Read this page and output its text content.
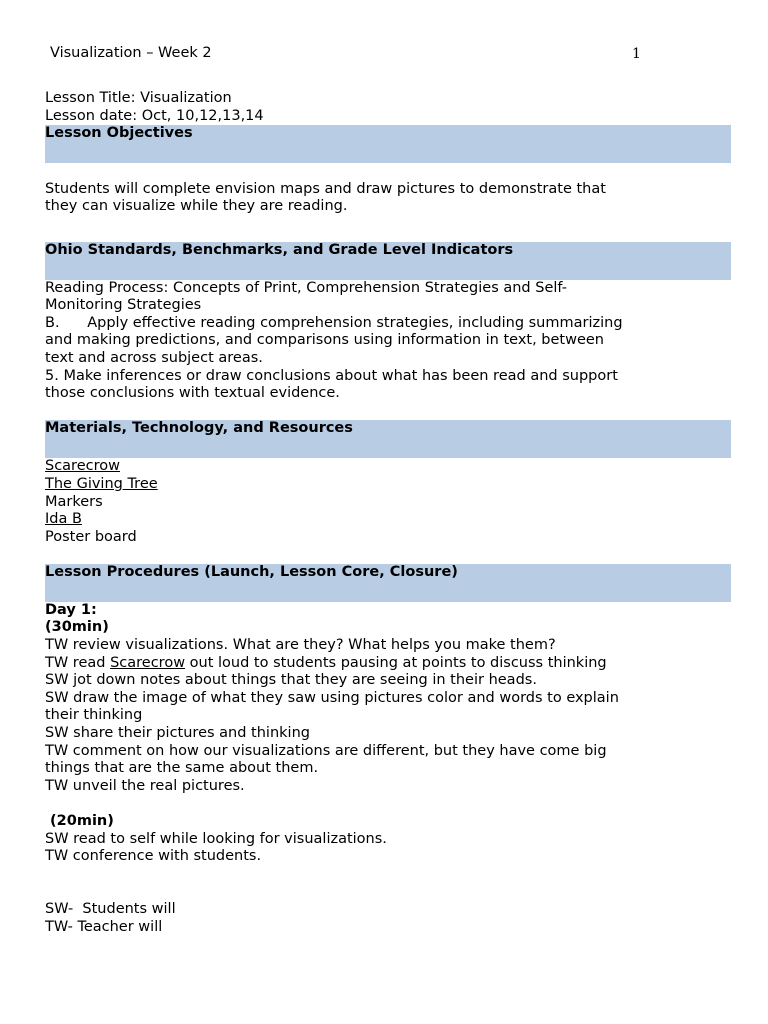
Visualization – Week 2	1
Lesson Title: Visualization
Lesson date: Oct, 10,12,13,14
Lesson Objectives
Students will complete envision maps and draw pictures to demonstrate that
they can visualize while they are reading.
Ohio Standards, Benchmarks, and Grade Level Indicators
Reading Process: Concepts of Print, Comprehension Strategies and Self-
Monitoring Strategies
B.      Apply effective reading comprehension strategies, including summarizing
and making predictions, and comparisons using information in text, between
text and across subject areas.
5. Make inferences or draw conclusions about what has been read and support
those conclusions with textual evidence.
Materials, Technology, and Resources
Scarecrow
The Giving Tree
Markers
Ida B
Poster board
Lesson Procedures (Launch, Lesson Core, Closure)
Day 1:
(30min)
TW review visualizations. What are they? What helps you make them?
TW read Scarecrow out loud to students pausing at points to discuss thinking
SW jot down notes about things that they are seeing in their heads.
SW draw the image of what they saw using pictures color and words to explain
their thinking
SW share their pictures and thinking
TW comment on how our visualizations are different, but they have come big
things that are the same about them.
TW unveil the real pictures.
(20min)
SW read to self while looking for visualizations.
TW conference with students.
SW-  Students will
TW- Teacher will
